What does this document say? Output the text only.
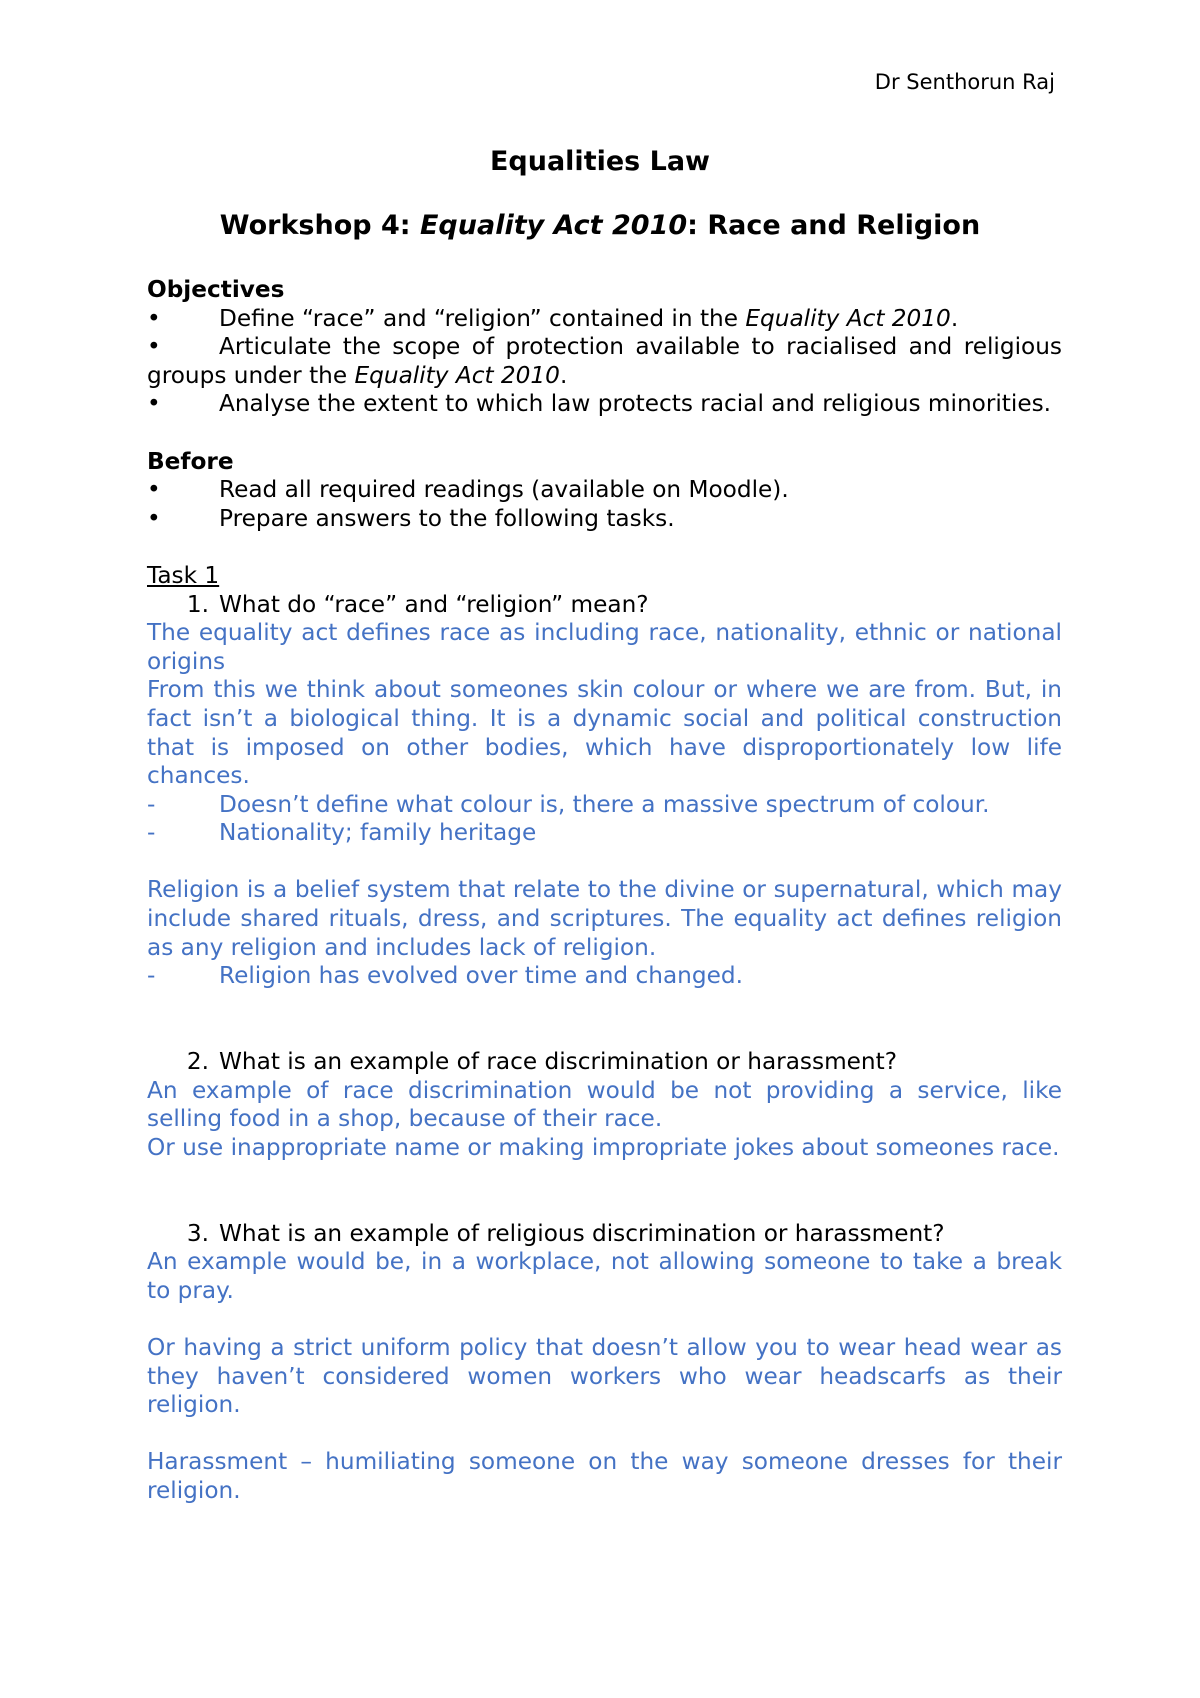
Dr Senthorun Raj
Equalities Law
Workshop 4: Equality Act 2010: Race and Religion

Objectives

•	Define “race” and “religion” contained in the Equality Act 2010.

•	Articulate the scope of protection available to racialised and religious groups under the Equality Act 2010.

•	Analyse the extent to which law protects racial and religious minorities.

Before

•	Read all required readings (available on Moodle).
•	Prepare answers to the following tasks.

Task 1

1. What do “race” and “religion” mean?

The equality act defines race as including race, nationality, ethnic or national origins

From this we think about someones skin colour or where we are from. But, in fact isn’t a biological thing. It is a dynamic social and political construction that is imposed on other bodies, which have disproportionately low life chances.

-	Doesn’t define what colour is, there a massive spectrum of colour.
-	Nationality; family heritage

Religion is a belief system that relate to the divine or supernatural, which may include shared rituals, dress, and scriptures. The equality act defines religion as any religion and includes lack of religion.

-	Religion has evolved over time and changed.
2. What is an example of race discrimination or harassment?

An example of race discrimination would be not providing a service, like selling food in a shop, because of their race.

Or use inappropriate name or making impropriate jokes about someones race.

3. What is an example of religious discrimination or harassment?

An example would be, in a workplace, not allowing someone to take a break to pray.

Or having a strict uniform policy that doesn’t allow you to wear head wear as they haven’t considered women workers who wear headscarfs as their religion.

Harassment – humiliating someone on the way someone dresses for their religion.
